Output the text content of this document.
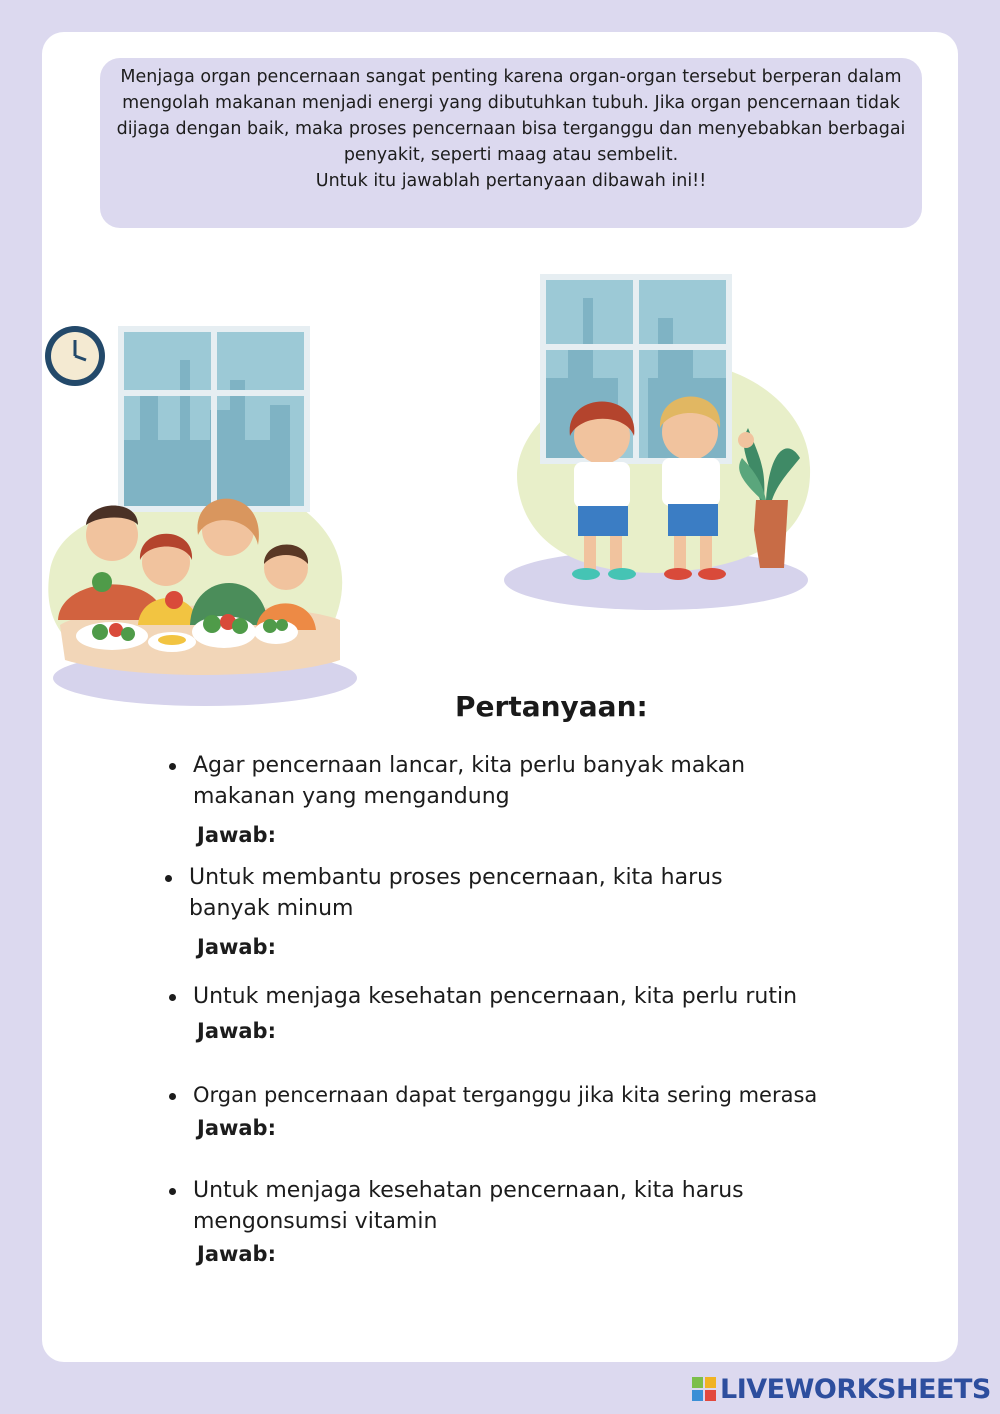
Menjaga organ pencernaan sangat penting karena organ-organ tersebut berperan dalam mengolah makanan menjadi energi yang dibutuhkan tubuh. Jika organ pencernaan tidak dijaga dengan baik, maka proses pencernaan bisa terganggu dan menyebabkan berbagai penyakit, seperti maag atau sembelit.

Untuk itu jawablah pertanyaan dibawah ini!!

Pertanyaan:
Agar pencernaan lancar, kita perlu banyak makan makanan yang mengandung
Jawab:
Untuk membantu proses pencernaan, kita harus banyak minum
Jawab:
Untuk menjaga kesehatan pencernaan, kita perlu rutin
Jawab:
Organ pencernaan dapat terganggu jika kita sering merasa
Jawab:
Untuk menjaga kesehatan pencernaan, kita harus mengonsumsi vitamin
Jawab:
LIVEWORKSHEETS
